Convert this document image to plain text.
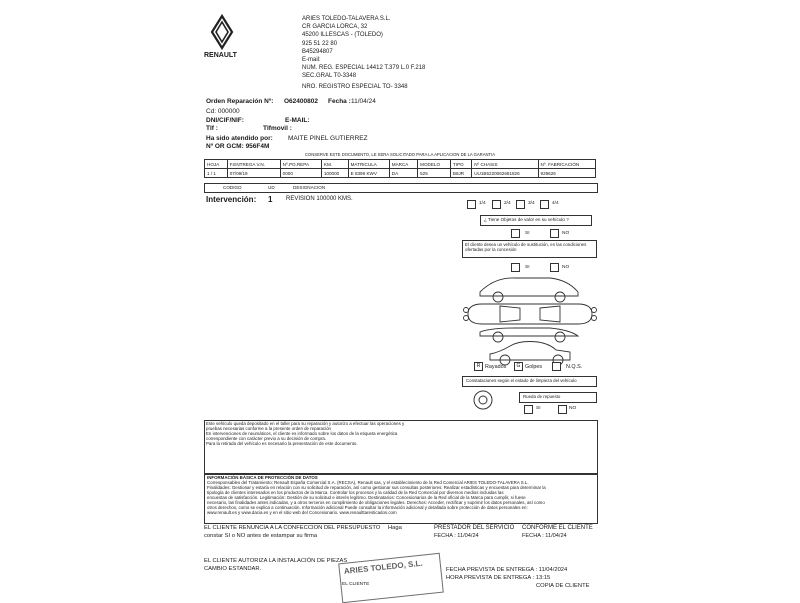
RENAULT
ARIES TOLEDO-TALAVERA S.L.
CR GARCIA LORCA, 32
45200 ILLESCAS - (TOLEDO)
925 51 22 80
B45294807
E-mail:
NUM. REG. ESPECIAL 14412 T.379 L.0 F.218
SEC.GRAL T0-3348
NRO. REGISTRO ESPECIAL TO- 3348
Orden Reparación Nº: O62400802 Fecha : 11/04/24
Cd: 000000
DNI/CIF/NIF:	E-MAIL:
Tlf :	Tlfmovil :
Ha sido atendido por: MAITE PINEL GUTIERREZ
Nº OR GCM: 956F4M
CONSERVE ESTE DOCUMENTO, LE SERA SOLICITADO PARA LA APLICACION DE LA GARANTIA
HOJA	F.ENTREGA V.N.	Nº.PO.REPA	KM.	MATRICULA	MARCA	MODELO	TIPO	Nº CHASIS	Nº. FABRICACIÓN
1 / 1	07/09/19	0000	100000	E 8396 KWV	DA	525	B8JR	UU1B5220062681826	929626
CODIGO	UD	DESIGNACION
Intervención: 1 REVISION 100000 KMS.
1/4	2/4	3/4	4/4
¿ Tiene Objetos de valor en su vehículo ?
SI	NO
El cliente desea un vehículo de sustitución, en las condiciones ofertadas por la concesión
SI	NO
R Rayados	G Golpes	N.Q.S.
Constataciones según el estado de limpieza del vehículo
Rueda de repuesto
SI	NO
Este vehículo queda depositado en el taller para su reparación y autorizo a efectuar las operaciones y
pruebas necesarias conforme a la presente orden de reparación
En intervenciones de neumáticos, el cliente es informado sobre los datos de la etiqueta energética
correspondiente con carácter previo a su decisión de compra.
Para la retirada del vehículo es necesario la presentación de este documento.
INFORMACIÓN BÁSICA DE PROTECCIÓN DE DATOS
Corresponsables del Tratamiento: Renault España Comercial S.A. (RECSA), Renault sas, y el establecimiento de la Red Comercial ARIES TOLEDO-TALAVERA S.L.
Finalidades: Gestionar y estaría en relación con su solicitud de reparación, así como gestionar sus consultas posteriores. Realizar estadísticas y encuestas para determinar la
tipología de clientes interesados en los productos de la Marca. Controlar los procesos y la calidad de la Red Comercial por diversos medios incluidas las
encuestas de satisfacción. Legitimación: Gestión de su solicitud e interés legítimo. Destinatarios: Concesionarios de la Red oficial de la Marca para cumplir, si fuese
necesario, las finalidades antes indicadas, y a otros terceros en cumplimiento de obligaciones legales. Derechos: Acceder, rectificar y suprimir los datos personales, así como
otros derechos, como se explica a continuación. Información adicional Puede consultar la información adicional y detallada sobre protección de datos personales en:
www.renault.es y www.dacia.es y en el sitio web del Concesionario. www.renaulttaresticados.com
EL CLIENTE RENUNCIA A LA CONFECCION DEL PRESUPUESTO Haga
constar SI o NO antes de estampar su firma
PRESTADOR DEL SERVICIO
FECHA : 11/04/24
CONFORME EL CLIENTE
FECHA : 11/04/24
EL CLIENTE AUTORIZA LA INSTALACIÓN DE PIEZAS
CAMBIO ESTANDAR.
EL CLIENTE
ARIES TOLEDO, S.L.	FECHA PREVISTA DE ENTREGA : 11/04/2024
HORA PREVISTA DE ENTREGA : 13:15
COPIA DE CLIENTE
